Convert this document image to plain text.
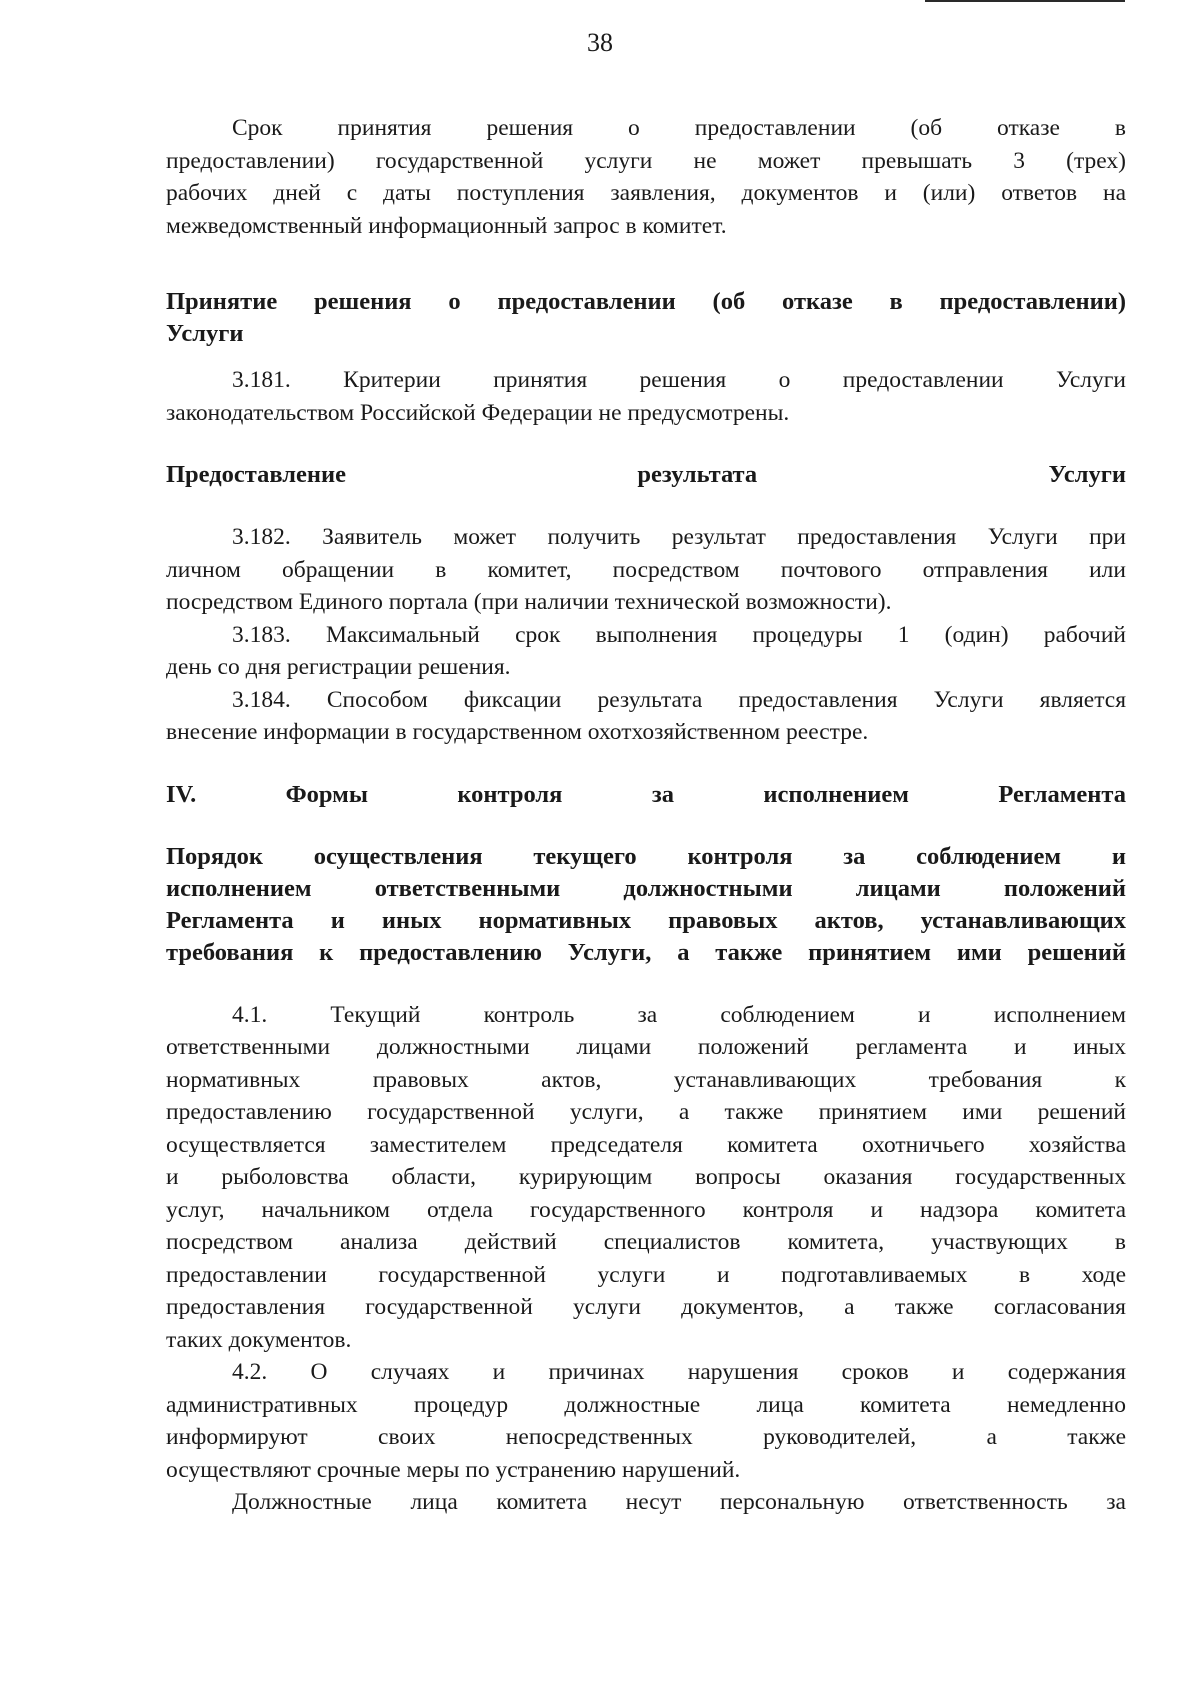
38

Срок принятия решения о предоставлении (об отказе в

предоставлении) государственной услуги не может превышать 3 (трех)

рабочих дней с даты поступления заявления, документов и (или) ответов на

межведомственный информационный запрос в комитет.

Принятие решения о предоставлении (об отказе в предоставлении)

Услуги

3.181. Критерии принятия решения о предоставлении Услуги

законодательством Российской Федерации не предусмотрены.

Предоставление результата Услуги

3.182. Заявитель может получить результат предоставления Услуги при

личном обращении в комитет, посредством почтового отправления или

посредством Единого портала (при наличии технической возможности).

3.183. Максимальный срок выполнения процедуры 1 (один) рабочий

день со дня регистрации решения.

3.184. Способом фиксации результата предоставления Услуги является

внесение информации в государственном охотхозяйственном реестре.

IV. Формы контроля за исполнением Регламента

Порядок осуществления текущего контроля за соблюдением и

исполнением ответственными должностными лицами положений

Регламента и иных нормативных правовых актов, устанавливающих

требования к предоставлению Услуги, а также принятием ими решений

4.1. Текущий контроль за соблюдением и исполнением

ответственными должностными лицами положений регламента и иных

нормативных правовых актов, устанавливающих требования к

предоставлению государственной услуги, а также принятием ими решений

осуществляется заместителем председателя комитета охотничьего хозяйства

и рыболовства области, курирующим вопросы оказания государственных

услуг, начальником отдела государственного контроля и надзора комитета

посредством анализа действий специалистов комитета, участвующих в

предоставлении государственной услуги и подготавливаемых в ходе

предоставления государственной услуги документов, а также согласования

таких документов.

4.2. О случаях и причинах нарушения сроков и содержания

административных процедур должностные лица комитета немедленно

информируют своих непосредственных руководителей, а также

осуществляют срочные меры по устранению нарушений.

Должностные лица комитета несут персональную ответственность за
